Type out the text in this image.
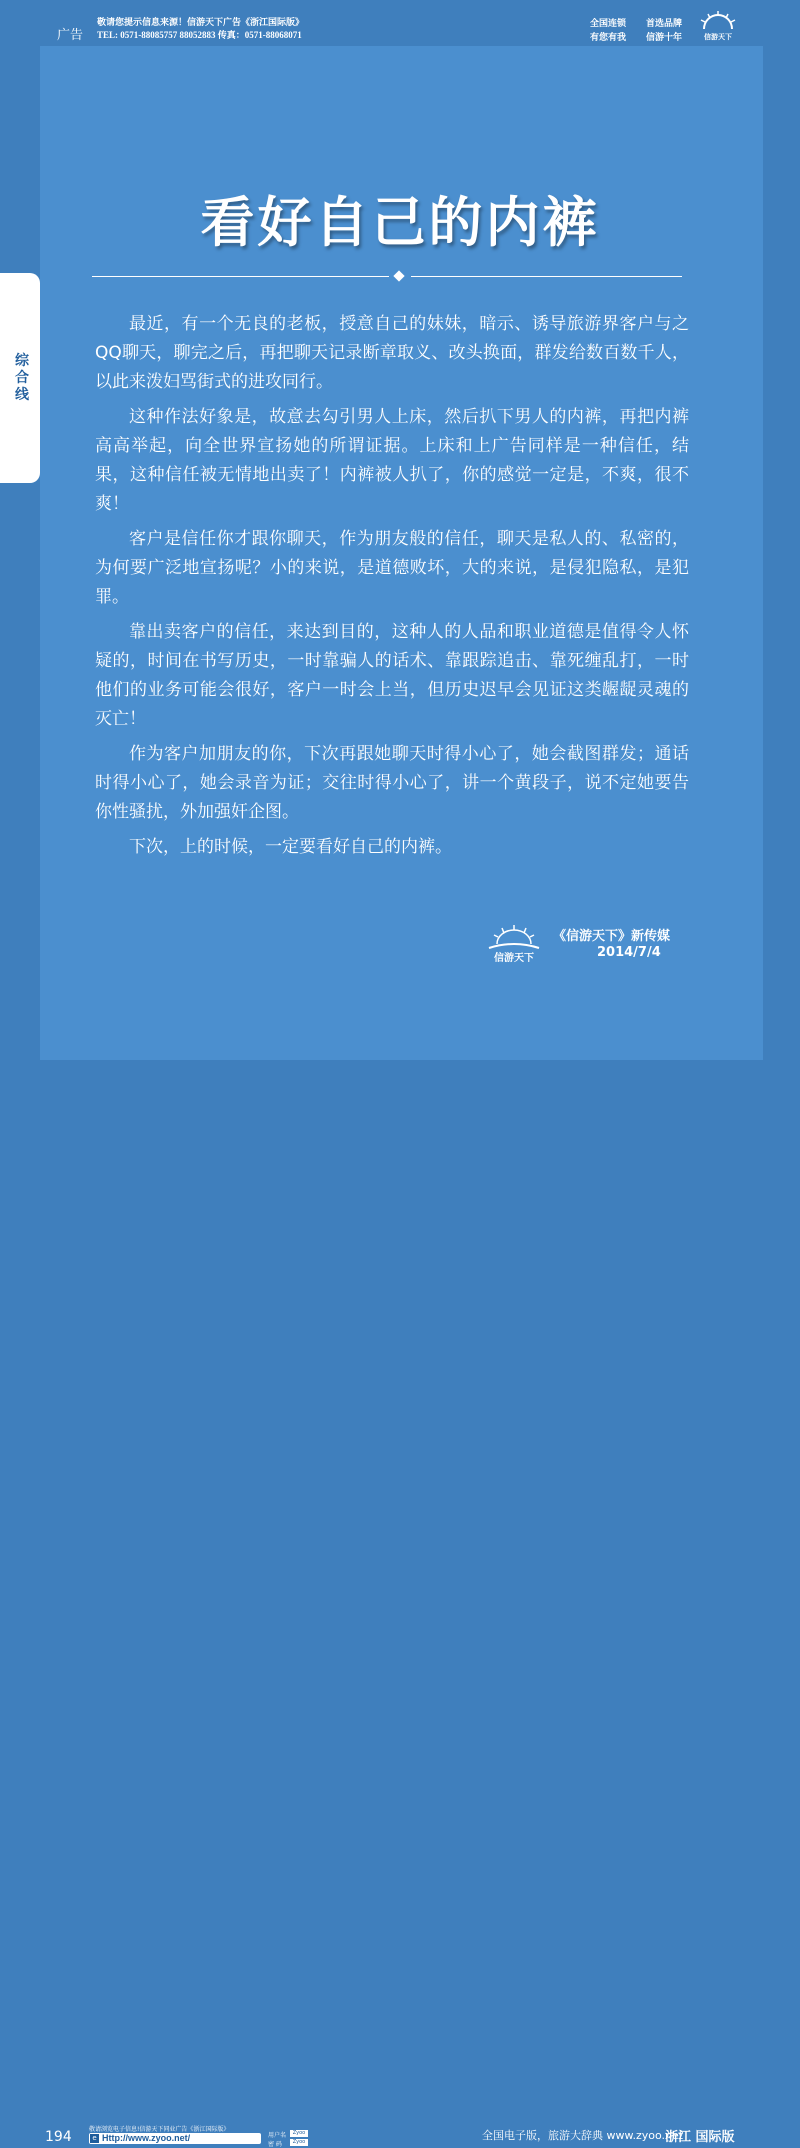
广告
敬请您提示信息来源！信游天下广告《浙江国际版》
TEL: 0571-88085757 88052883 传真：0571-88068071
全国连锁 首选品牌
有您有我 信游十年	信游天下
综合线
看好自己的内裤

最近，有一个无良的老板，授意自己的妹妹，暗示、诱导旅游界客户与之QQ聊天，聊完之后，再把聊天记录断章取义、改头换面，群发给数百数千人，以此来泼妇骂街式的进攻同行。

这种作法好象是，故意去勾引男人上床，然后扒下男人的内裤，再把内裤高高举起，向全世界宣扬她的所谓证据。上床和上广告同样是一种信任，结果，这种信任被无情地出卖了！内裤被人扒了，你的感觉一定是，不爽，很不爽！

客户是信任你才跟你聊天，作为朋友般的信任，聊天是私人的、私密的，为何要广泛地宣扬呢？小的来说，是道德败坏，大的来说，是侵犯隐私，是犯罪。

靠出卖客户的信任，来达到目的，这种人的人品和职业道德是值得令人怀疑的，时间在书写历史，一时靠骗人的话术、靠跟踪追击、靠死缠乱打，一时他们的业务可能会很好，客户一时会上当，但历史迟早会见证这类龌龊灵魂的灭亡！

作为客户加朋友的你，下次再跟她聊天时得小心了，她会截图群发；通话时得小心了，她会录音为证；交往时得小心了，讲一个黄段子，说不定她要告你性骚扰，外加强奸企图。

下次，上的时候，一定要看好自己的内裤。

信游天下
《信游天下》新传媒
2014/7/4
194	敬请浏览电子信息!信游天下同业广告《浙江国际版》
e Http://www.zyoo.net/	用户名	Zyoo
密 码	Zyoo	全国电子版，旅游大辞典 www.zyoo.net
浙江 国际版
